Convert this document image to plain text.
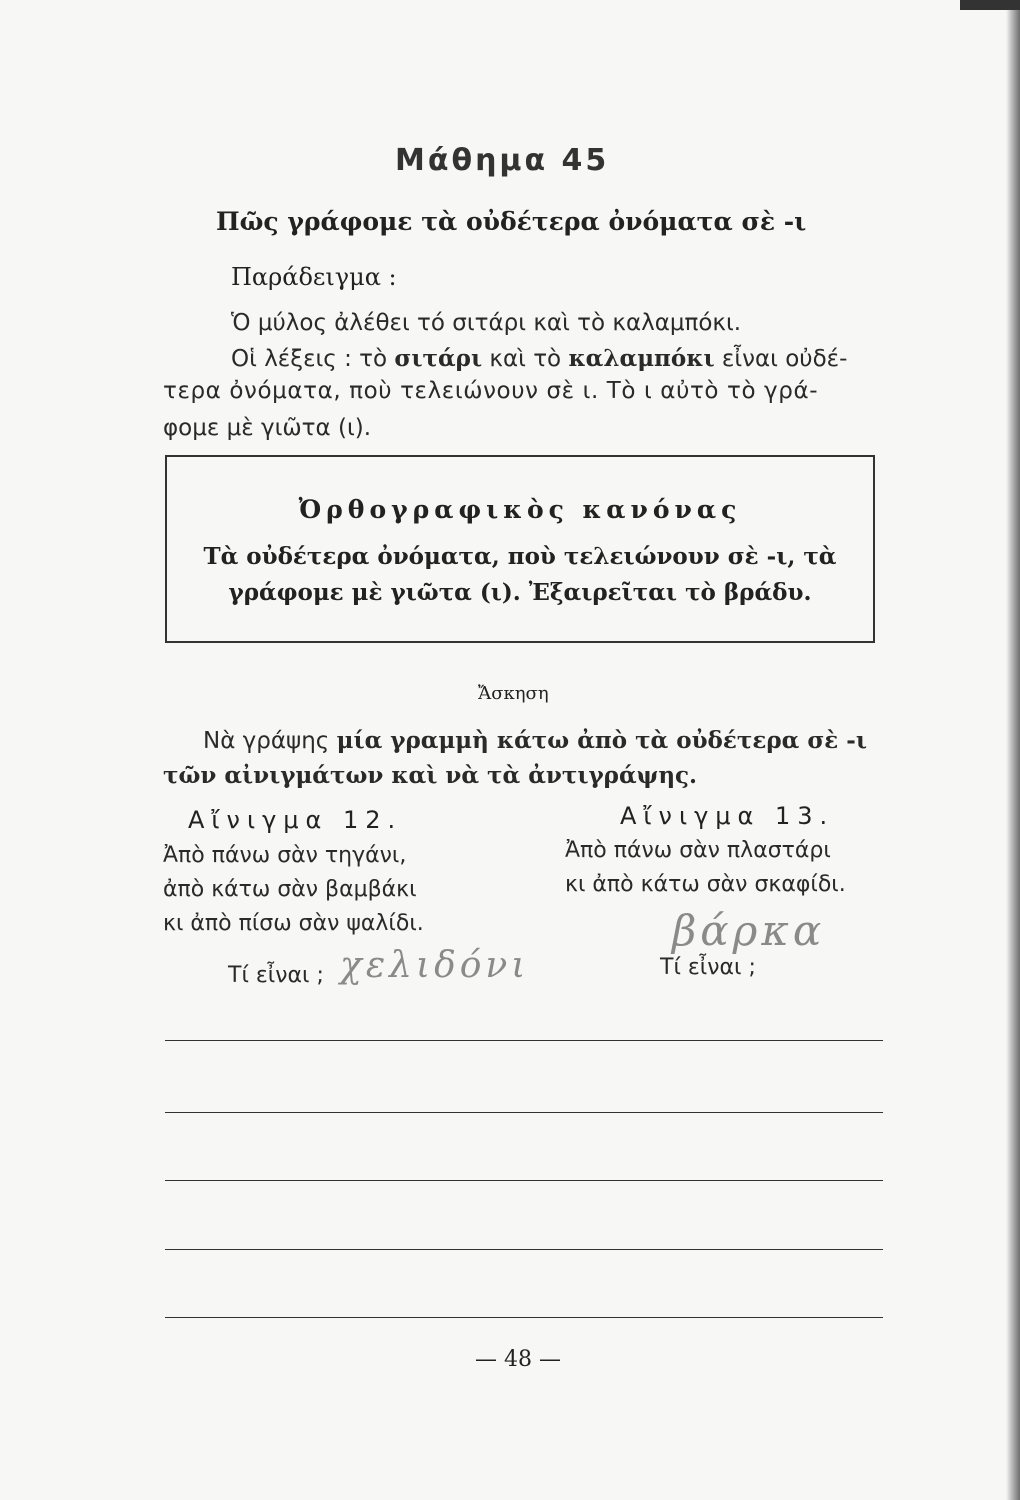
Μάθημα 45
Πῶς γράφομε τὰ οὐδέτερα ὀνόματα σὲ -ι
Παράδειγμα :
Ὁ μύλος ἀλέθει τό σιτάρι καὶ τὸ καλαμπόκι.
Οἱ λέξεις : τὸ σιτάρι καὶ τὸ καλαμπόκι εἶναι οὐδέ-
τερα ὀνόματα, ποὺ τελειώνουν σὲ ι. Τὸ ι αὐτὸ τὸ γρά-
φομε μὲ γιῶτα (ι).
Ὀρθογραφικὸς κανόνας
Τὰ οὐδέτερα ὀνόματα, ποὺ τελειώνουν σὲ -ι, τὰ
γράφομε μὲ γιῶτα (ι). Ἐξαιρεῖται τὸ βράδυ.
Ἄσκηση
Νὰ γράψης μία γραμμὴ κάτω ἀπὸ τὰ οὐδέτερα σὲ -ι
τῶν αἰνιγμάτων καὶ νὰ τὰ ἀντιγράψης.
Αἴνιγμα 12.
Ἀπὸ πάνω σὰν τηγάνι,
ἀπὸ κάτω σὰν βαμβάκι
κι ἀπὸ πίσω σὰν ψαλίδι.
Τί εἶναι ; χελιδόνι
Αἴνιγμα 13.
Ἀπὸ πάνω σὰν πλαστάρι
κι ἀπὸ κάτω σὰν σκαφίδι.
βάρκα
Τί εἶναι ;
— 48 —
